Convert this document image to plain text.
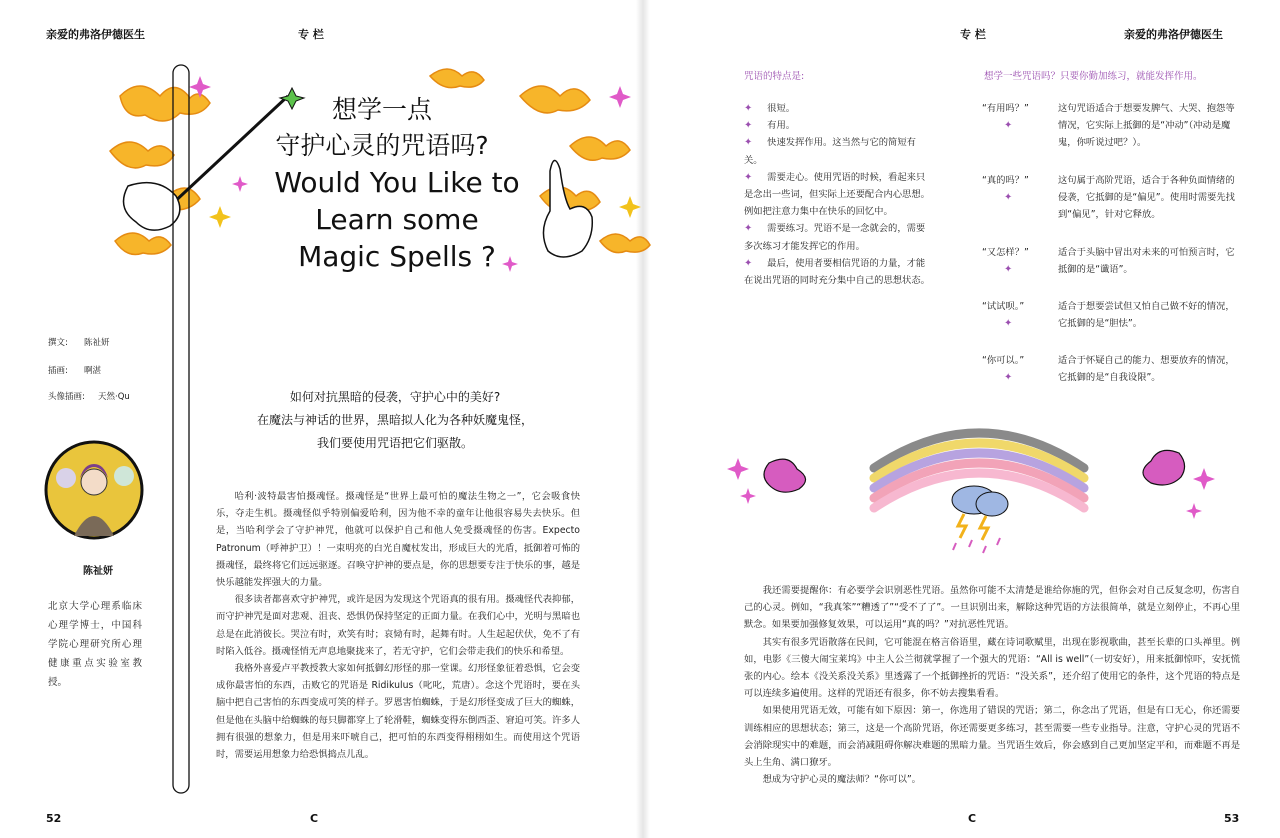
亲爱的弗洛伊德医生	专 栏	专 栏	亲爱的弗洛伊德医生
想学一点
守护心灵的咒语吗?
Would You Like to
Learn some
Magic Spells ?
撰文: 陈祉妍
插画: 啊湛
头像插画: 天然·Qu	如何对抗黑暗的侵袭，守护心中的美好?
在魔法与神话的世界，黑暗拟人化为各种妖魔鬼怪，
我们要使用咒语把它们驱散。
陈祉妍
北京大学心理系临床心理学博士，中国科学院心理研究所心理健康重点实验室教授。

哈利·波特最害怕摄魂怪。摄魂怪是“世界上最可怕的魔法生物之一”，它会吸食快乐，夺走生机。摄魂怪似乎特别偏爱哈利，因为他不幸的童年让他很容易失去快乐。但是，当哈利学会了守护神咒，他就可以保护自己和他人免受摄魂怪的伤害。Expecto Patronum（呼神护卫）！一束明亮的白光自魔杖发出，形成巨大的光盾，抵御着可怖的摄魂怪，最终将它们远远驱逐。召唤守护神的要点是，你的思想要专注于快乐的事，越是快乐越能发挥强大的力量。

很多读者都喜欢守护神咒，或许是因为发现这个咒语真的很有用。摄魂怪代表抑郁，而守护神咒是面对悲观、沮丧、恐惧仍保持坚定的正面力量。在我们心中，光明与黑暗也总是在此消彼长。哭泣有时，欢笑有时；哀恸有时，起舞有时。人生起起伏伏，免不了有时陷入低谷。摄魂怪悄无声息地聚拢来了，若无守护，它们会带走我们的快乐和希望。

我格外喜爱卢平教授教大家如何抵御幻形怪的那一堂课。幻形怪象征着恐惧，它会变成你最害怕的东西，击败它的咒语是 Ridikulus（叱叱，荒唐）。念这个咒语时，要在头脑中把自己害怕的东西变成可笑的样子。罗恩害怕蜘蛛，于是幻形怪变成了巨大的蜘蛛，但是他在头脑中给蜘蛛的每只脚都穿上了轮滑鞋，蜘蛛变得东倒西歪、窘迫可笑。许多人拥有很强的想象力，但是用来吓唬自己，把可怕的东西变得栩栩如生。而使用这个咒语时，需要运用想象力给恐惧捣点儿乱。

咒语的特点是:
✦ 很短。
✦ 有用。
✦ 快速发挥作用。这当然与它的简短有关。
✦ 需要走心。使用咒语的时候，看起来只是念出一些词，但实际上还要配合内心思想。例如把注意力集中在快乐的回忆中。
✦ 需要练习。咒语不是一念就会的，需要多次练习才能发挥它的作用。
✦ 最后，使用者要相信咒语的力量，才能在说出咒语的同时充分集中自己的思想状态。
想学一些咒语吗？只要你勤加练习，就能发挥作用。
“有用吗？”
✦
这句咒语适合于想要发脾气、大哭、抱怨等情况，它实际上抵御的是“冲动”（冲动是魔鬼，你听说过吧？）。
“真的吗？”
✦
这句属于高阶咒语，适合于各种负面情绪的侵袭，它抵御的是“偏见”。使用时需要先找到“偏见”，针对它释放。
“又怎样？”
✦
适合于头脑中冒出对未来的可怕预言时，它抵御的是“谶语”。
“试试呗。”
✦
适合于想要尝试但又怕自己做不好的情况，它抵御的是“胆怯”。
“你可以。”
✦
适合于怀疑自己的能力、想要放弃的情况，它抵御的是“自我设限”。

我还需要提醒你：有必要学会识别恶性咒语。虽然你可能不太清楚是谁给你施的咒，但你会对自己反复念叨，伤害自己的心灵。例如，“我真笨”“糟透了”“受不了了”。一旦识别出来，解除这种咒语的方法很简单，就是立刻停止，不再心里默念。如果要加强修复效果，可以运用“真的吗？”对抗恶性咒语。

其实有很多咒语散落在民间，它可能混在格言俗语里，藏在诗词歌赋里，出现在影视歌曲，甚至长辈的口头禅里。例如，电影《三傻大闹宝莱坞》中主人公兰彻就掌握了一个强大的咒语：“All is well”（一切安好），用来抵御惊吓，安抚慌张的内心。绘本《没关系没关系》里透露了一个抵御挫折的咒语：“没关系”，还介绍了使用它的条件，这个咒语的特点是可以连续多遍使用。这样的咒语还有很多，你不妨去搜集看看。

如果使用咒语无效，可能有如下原因：第一，你选用了错误的咒语；第二，你念出了咒语，但是有口无心，你还需要训练相应的思想状态；第三，这是一个高阶咒语，你还需要更多练习，甚至需要一些专业指导。注意，守护心灵的咒语不会消除现实中的难题，而会消减阻碍你解决难题的黑暗力量。当咒语生效后，你会感到自己更加坚定平和，而难题不再是头上生角、满口獠牙。

想成为守护心灵的魔法师？“你可以”。

52	C	C	53
